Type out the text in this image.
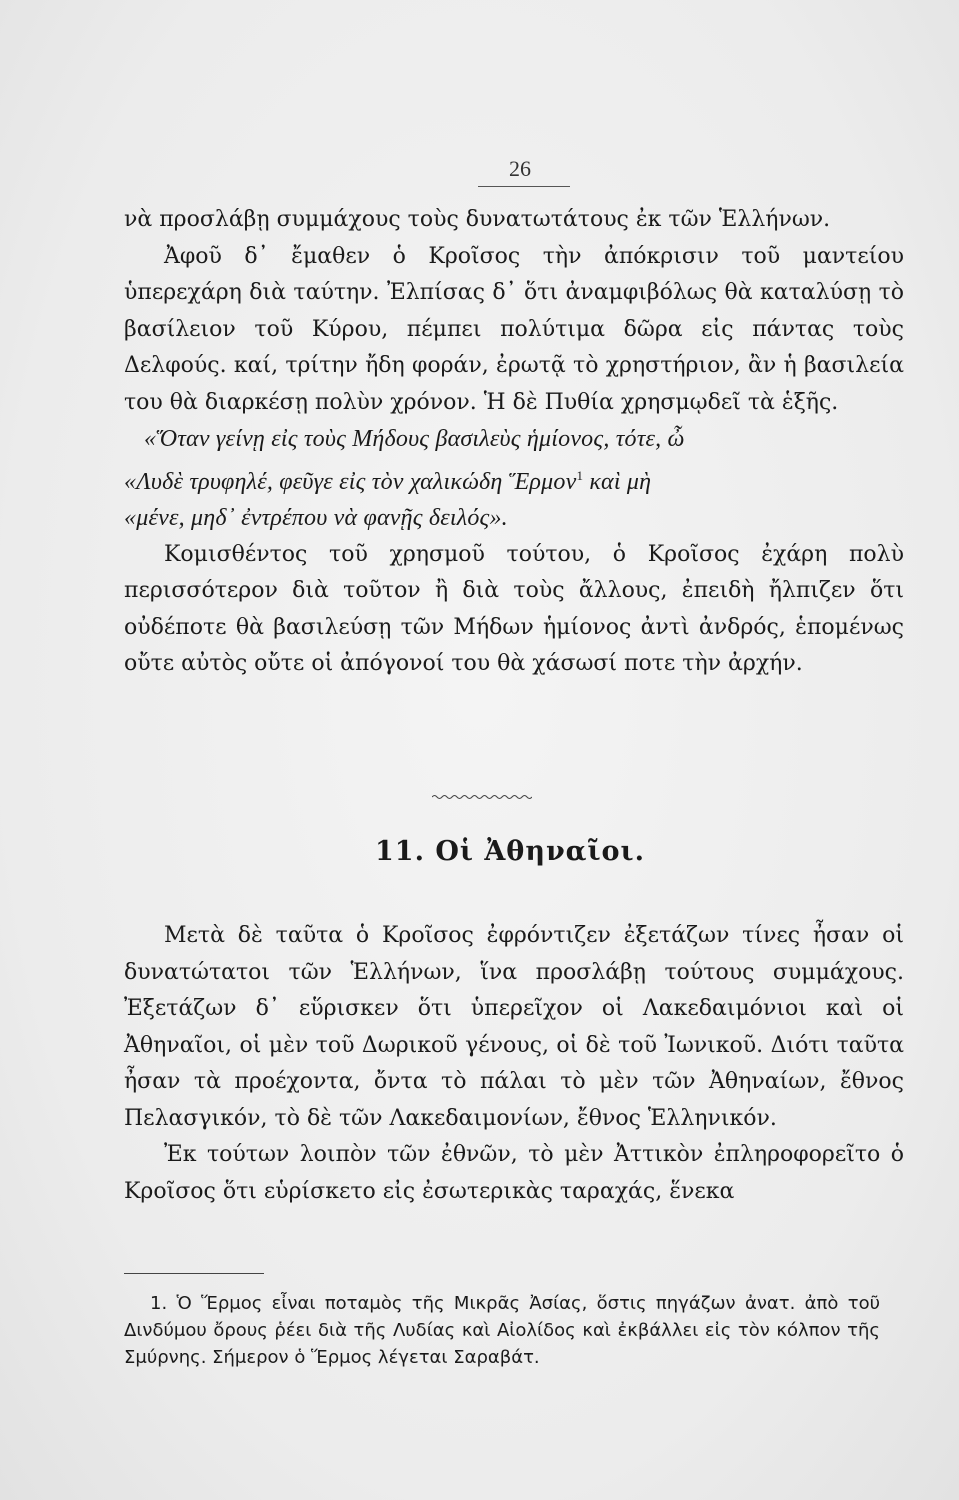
26

νὰ προσλάβῃ συμμάχους τοὺς δυνατωτάτους ἐκ τῶν Ἑλλήνων.

Ἀφοῦ δ᾽ ἔμαθεν ὁ Κροῖσος τὴν ἀπόκρισιν τοῦ μαντείου ὑπερεχάρη διὰ ταύτην. Ἐλπίσας δ᾽ ὅτι ἀναμφιβόλως θὰ καταλύσῃ τὸ βασίλειον τοῦ Κύρου, πέμπει πολύτιμα δῶρα εἰς πάντας τοὺς Δελφούς. καί, τρίτην ἤδη φοράν, ἐρωτᾷ τὸ χρηστήριον, ἂν ἡ βασιλεία του θὰ διαρκέσῃ πολὺν χρόνον. Ἡ δὲ Πυθία χρησμῳδεῖ τὰ ἑξῆς.

«Ὅταν γείνῃ εἰς τοὺς Μήδους βασιλεὺς ἡμίονος, τότε, ὦ
«Λυδὲ τρυφηλέ, φεῦγε εἰς τὸν χαλικώδη Ἕρμον$^1$ καὶ μὴ
«μένε, μηδ᾽ ἐντρέπου νὰ φανῇς δειλός».

Κομισθέντος τοῦ χρησμοῦ τούτου, ὁ Κροῖσος ἐχάρη πολὺ περισσότερον διὰ τοῦτον ἢ διὰ τοὺς ἄλλους, ἐπειδὴ ἤλπιζεν ὅτι οὐδέποτε θὰ βασιλεύσῃ τῶν Μήδων ἡμίονος ἀντὶ ἀνδρός, ἑπομένως οὔτε αὐτὸς οὔτε οἱ ἀπόγονοί του θὰ χάσωσί ποτε τὴν ἀρχήν.

11. Οἱ Ἀθηναῖοι.

Μετὰ δὲ ταῦτα ὁ Κροῖσος ἐφρόντιζεν ἐξετάζων τίνες ἦσαν οἱ δυνατώτατοι τῶν Ἑλλήνων, ἵνα προσλάβῃ τούτους συμμάχους. Ἐξετάζων δ᾽ εὕρισκεν ὅτι ὑπερεῖχον οἱ Λακεδαιμόνιοι καὶ οἱ Ἀθηναῖοι, οἱ μὲν τοῦ Δωρικοῦ γένους, οἱ δὲ τοῦ Ἰωνικοῦ. Διότι ταῦτα ἦσαν τὰ προέχοντα, ὄντα τὸ πάλαι τὸ μὲν τῶν Ἀθηναίων, ἔθνος Πελασγικόν, τὸ δὲ τῶν Λακεδαιμονίων, ἔθνος Ἑλληνικόν.

Ἐκ τούτων λοιπὸν τῶν ἐθνῶν, τὸ μὲν Ἀττικὸν ἐπληροφορεῖτο ὁ Κροῖσος ὅτι εὑρίσκετο εἰς ἐσωτερικὰς ταραχάς, ἕνεκα

1. Ὁ Ἕρμος εἶναι ποταμὸς τῆς Μικρᾶς Ἀσίας, ὅστις πηγάζων ἀνατ. ἀπὸ τοῦ Δινδύμου ὄρους ῥέει διὰ τῆς Λυδίας καὶ Αἰολίδος καὶ ἐκβάλλει εἰς τὸν κόλπον τῆς Σμύρνης. Σήμερον ὁ Ἕρμος λέγεται Σαραβάτ.
